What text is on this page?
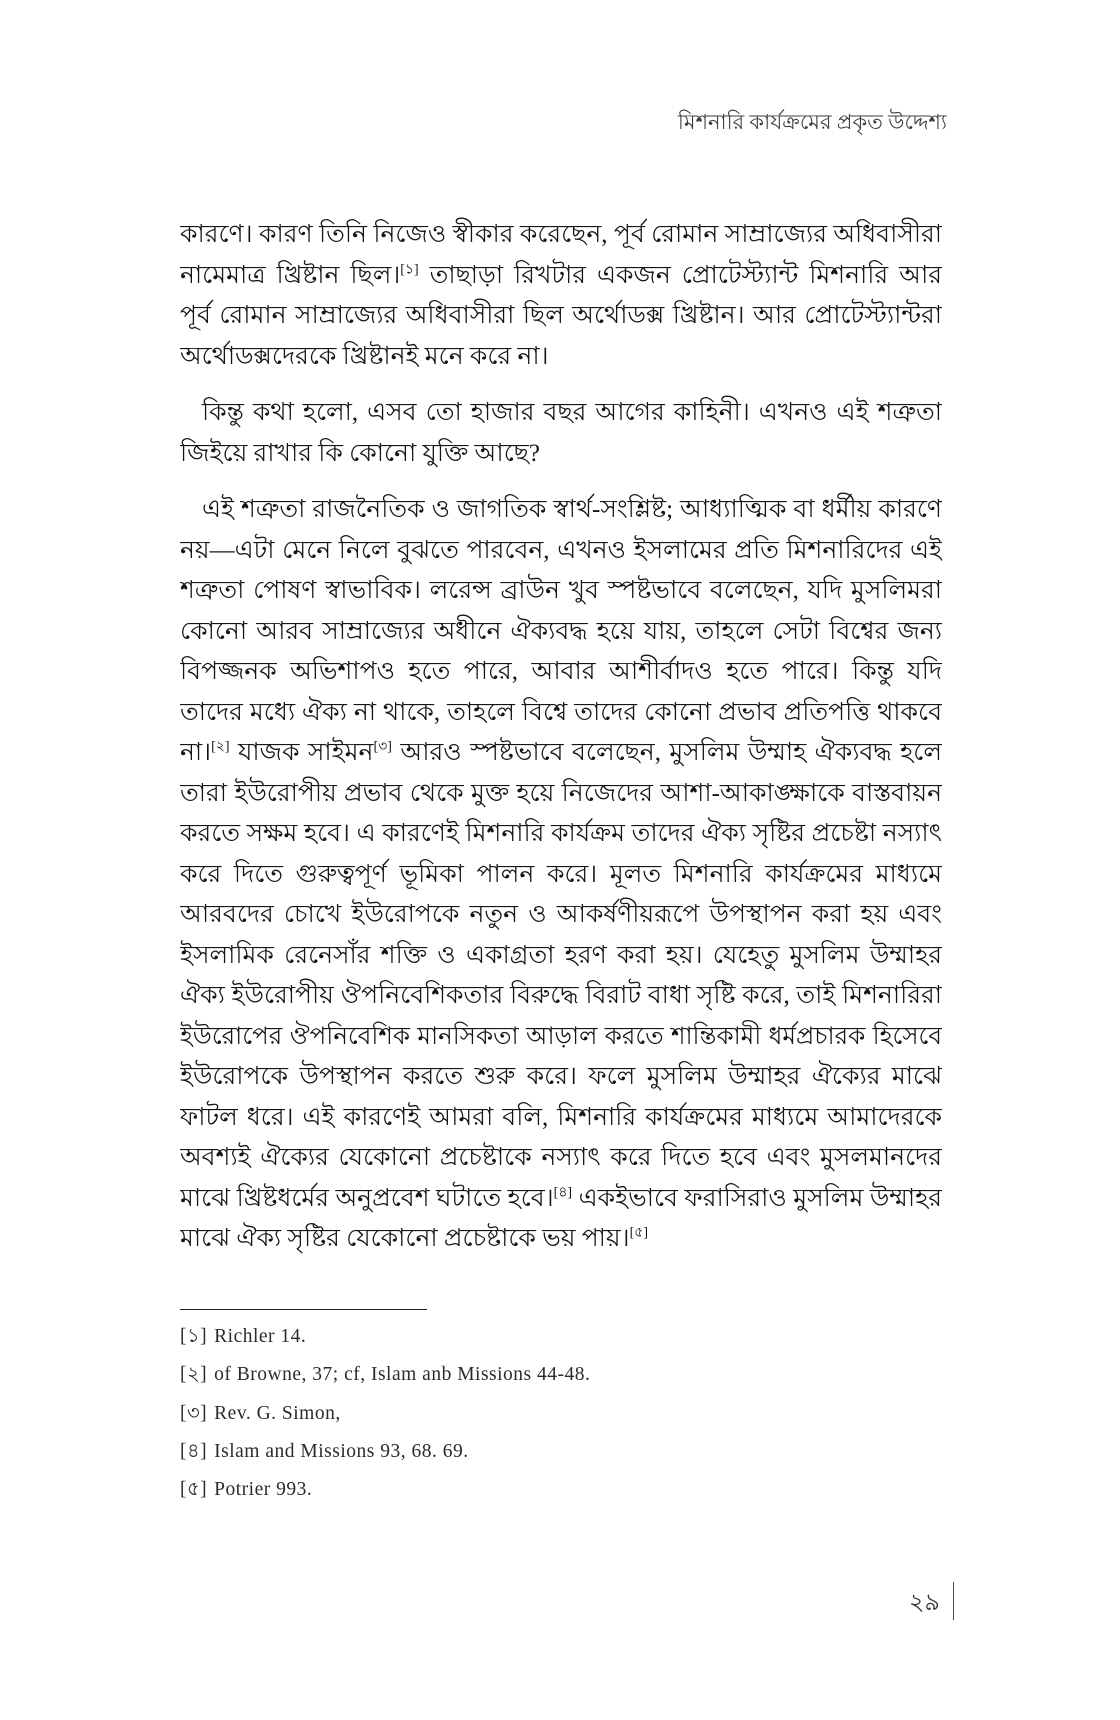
মিশনারি কার্যক্রমের প্রকৃত উদ্দেশ্য
কারণে। কারণ তিনি নিজেও স্বীকার করেছেন, পূর্ব রোমান সাম্রাজ্যের অধিবাসীরা
নামেমাত্র খ্রিষ্টান ছিল।[১] তাছাড়া রিখটার একজন প্রোটেস্ট্যান্ট মিশনারি আর
পূর্ব রোমান সাম্রাজ্যের অধিবাসীরা ছিল অর্থোডক্স খ্রিষ্টান। আর প্রোটেস্ট্যান্টরা
অর্থোডক্সদেরকে খ্রিষ্টানই মনে করে না।
কিন্তু কথা হলো, এসব তো হাজার বছর আগের কাহিনী। এখনও এই শত্রুতা
জিইয়ে রাখার কি কোনো যুক্তি আছে?
এই শত্রুতা রাজনৈতিক ও জাগতিক স্বার্থ-সংশ্লিষ্ট; আধ্যাত্মিক বা ধর্মীয় কারণে
নয়—এটা মেনে নিলে বুঝতে পারবেন, এখনও ইসলামের প্রতি মিশনারিদের এই
শত্রুতা পোষণ স্বাভাবিক। লরেন্স ব্রাউন খুব স্পষ্টভাবে বলেছেন, যদি মুসলিমরা
কোনো আরব সাম্রাজ্যের অধীনে ঐক্যবদ্ধ হয়ে যায়, তাহলে সেটা বিশ্বের জন্য
বিপজ্জনক অভিশাপও হতে পারে, আবার আশীর্বাদও হতে পারে। কিন্তু যদি
তাদের মধ্যে ঐক্য না থাকে, তাহলে বিশ্বে তাদের কোনো প্রভাব প্রতিপত্তি থাকবে
না।[২] যাজক সাইমন[৩] আরও স্পষ্টভাবে বলেছেন, মুসলিম উম্মাহ ঐক্যবদ্ধ হলে
তারা ইউরোপীয় প্রভাব থেকে মুক্ত হয়ে নিজেদের আশা-আকাঙ্ক্ষাকে বাস্তবায়ন
করতে সক্ষম হবে। এ কারণেই মিশনারি কার্যক্রম তাদের ঐক্য সৃষ্টির প্রচেষ্টা নস্যাৎ
করে দিতে গুরুত্বপূর্ণ ভূমিকা পালন করে। মূলত মিশনারি কার্যক্রমের মাধ্যমে
আরবদের চোখে ইউরোপকে নতুন ও আকর্ষণীয়রূপে উপস্থাপন করা হয় এবং
ইসলামিক রেনেসাঁর শক্তি ও একাগ্রতা হরণ করা হয়। যেহেতু মুসলিম উম্মাহর
ঐক্য ইউরোপীয় ঔপনিবেশিকতার বিরুদ্ধে বিরাট বাধা সৃষ্টি করে, তাই মিশনারিরা
ইউরোপের ঔপনিবেশিক মানসিকতা আড়াল করতে শান্তিকামী ধর্মপ্রচারক হিসেবে
ইউরোপকে উপস্থাপন করতে শুরু করে। ফলে মুসলিম উম্মাহর ঐক্যের মাঝে
ফাটল ধরে। এই কারণেই আমরা বলি, মিশনারি কার্যক্রমের মাধ্যমে আমাদেরকে
অবশ্যই ঐক্যের যেকোনো প্রচেষ্টাকে নস্যাৎ করে দিতে হবে এবং মুসলমানদের
মাঝে খ্রিষ্টধর্মের অনুপ্রবেশ ঘটাতে হবে।[৪] একইভাবে ফরাসিরাও মুসলিম উম্মাহর
মাঝে ঐক্য সৃষ্টির যেকোনো প্রচেষ্টাকে ভয় পায়।[৫]
[১] Richler 14.
[২] of Browne, 37; cf, Islam anb Missions 44-48.
[৩] Rev. G. Simon,
[৪] Islam and Missions 93, 68. 69.
[৫] Potrier 993.
২৯
